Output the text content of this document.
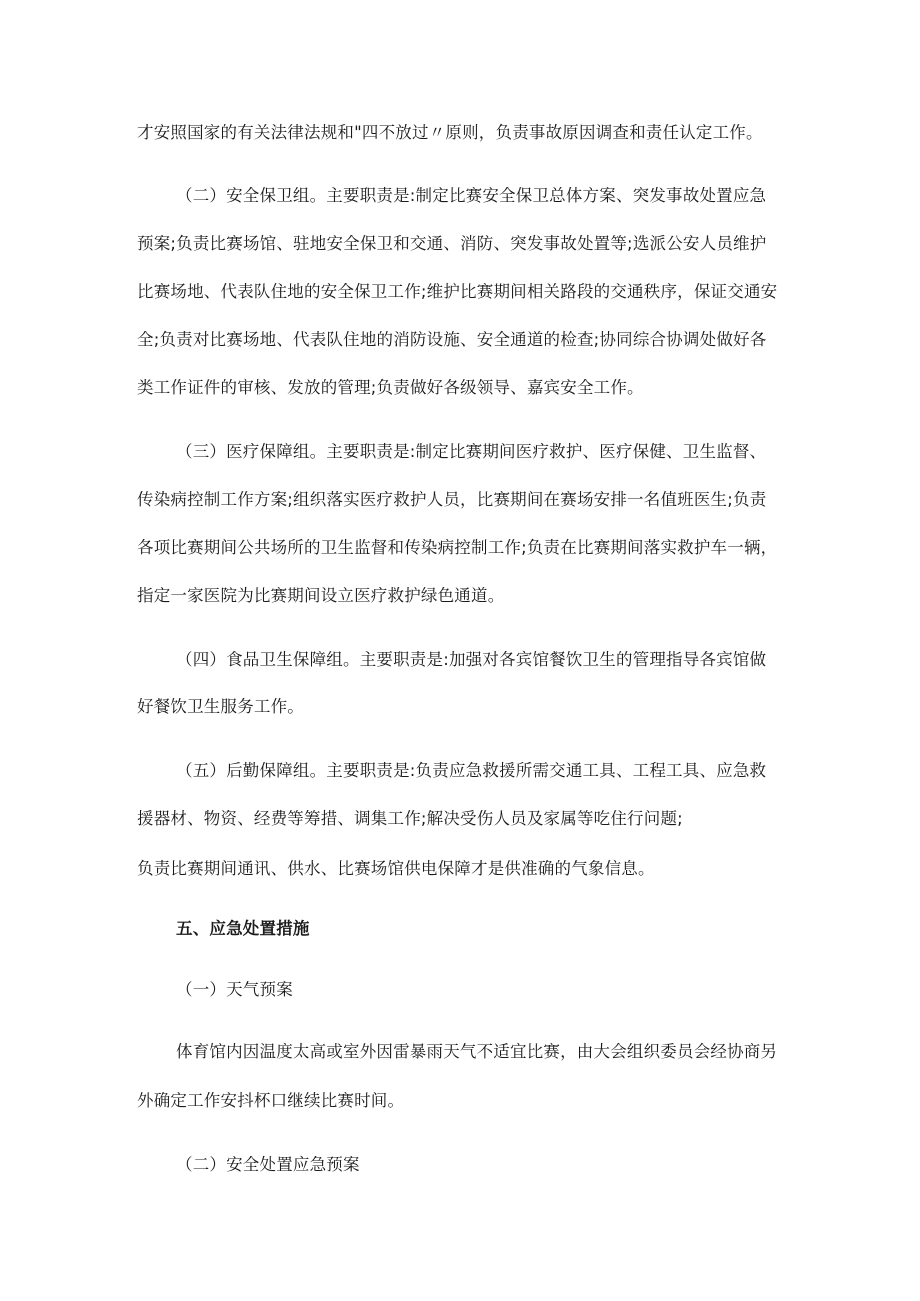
才安照国家的有关法律法规和"四不放过〃原则，负责事故原因调查和责任认定工作。
（二）安全保卫组。主要职责是:制定比赛安全保卫总体方案、突发事故处置应急
预案;负责比赛场馆、驻地安全保卫和交通、消防、突发事故处置等;选派公安人员维护
比赛场地、代表队住地的安全保卫工作;维护比赛期间相关路段的交通秩序，保证交通安
全;负责对比赛场地、代表队住地的消防设施、安全通道的检查;协同综合协调处做好各
类工作证件的审核、发放的管理;负责做好各级领导、嘉宾安全工作。
（三）医疗保障组。主要职责是:制定比赛期间医疗救护、医疗保健、卫生监督、
传染病控制工作方案;组织落实医疗救护人员，比赛期间在赛场安排一名值班医生;负责
各项比赛期间公共场所的卫生监督和传染病控制工作;负责在比赛期间落实救护车一辆，
指定一家医院为比赛期间设立医疗救护绿色通道。
（四）食品卫生保障组。主要职责是:加强对各宾馆餐饮卫生的管理指导各宾馆做
好餐饮卫生服务工作。
（五）后勤保障组。主要职责是:负责应急救援所需交通工具、工程工具、应急救
援器材、物资、经费等筹措、调集工作;解决受伤人员及家属等吃住行问题;
负责比赛期间通讯、供水、比赛场馆供电保障才是供准确的气象信息。
五、应急处置措施
（一）天气预案
体育馆内因温度太高或室外因雷暴雨天气不适宜比赛，由大会组织委员会经协商另
外确定工作安抖杯口继续比赛时间。
（二）安全处置应急预案
